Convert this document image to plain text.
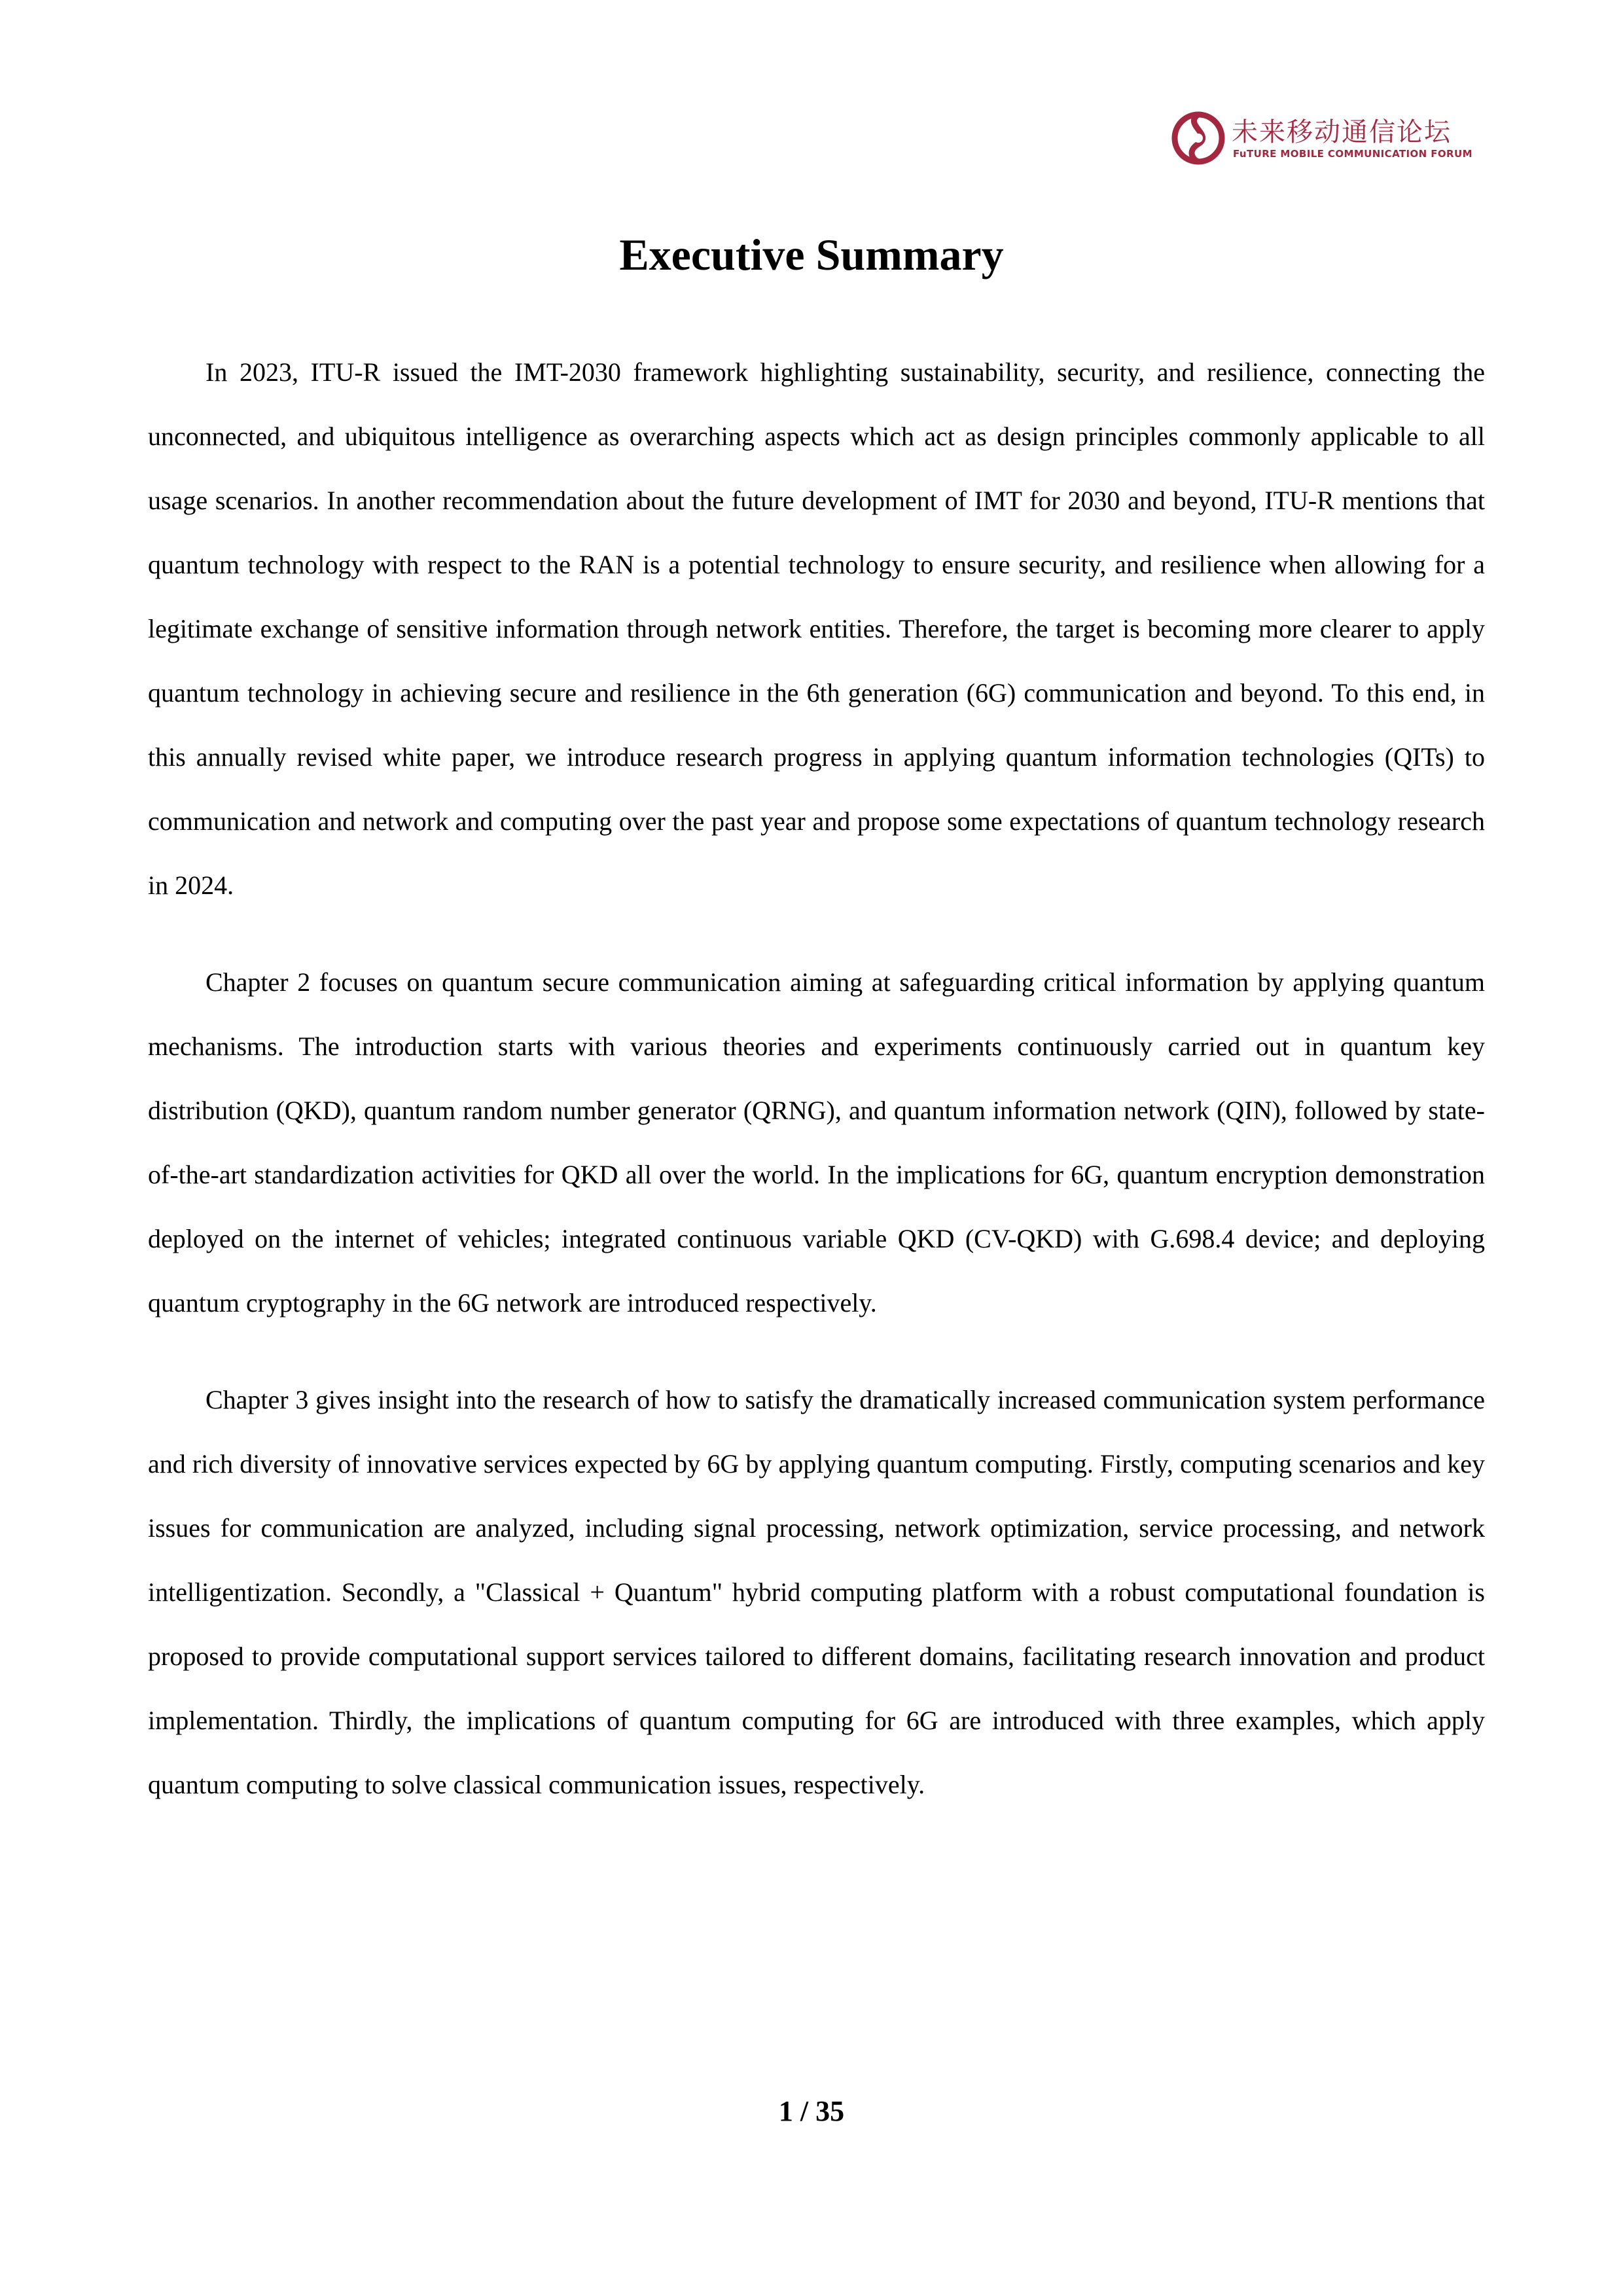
未来移动通信论坛
FuTURE MOBILE COMMUNICATION FORUM
Executive Summary

In 2023, ITU-R issued the IMT-2030 framework highlighting sustainability, security, and resilience, connecting the unconnected, and ubiquitous intelligence as overarching aspects which act as design principles commonly applicable to all usage scenarios. In another recommendation about the future development of IMT for 2030 and beyond, ITU-R mentions that quantum technology with respect to the RAN is a potential technology to ensure security, and resilience when allowing for a legitimate exchange of sensitive information through network entities. Therefore, the target is becoming more clearer to apply quantum technology in achieving secure and resilience in the 6th generation (6G) communication and beyond. To this end, in this annually revised white paper, we introduce research progress in applying quantum information technologies (QITs) to communication and network and computing over the past year and propose some expectations of quantum technology research in 2024.

Chapter 2 focuses on quantum secure communication aiming at safeguarding critical information by applying quantum mechanisms. The introduction starts with various theories and experiments continuously carried out in quantum key distribution (QKD), quantum random number generator (QRNG), and quantum information network (QIN), followed by state-of-the-art standardization activities for QKD all over the world. In the implications for 6G, quantum encryption demonstration deployed on the internet of vehicles; integrated continuous variable QKD (CV-QKD) with G.698.4 device; and deploying quantum cryptography in the 6G network are introduced respectively.

Chapter 3 gives insight into the research of how to satisfy the dramatically increased communication system performance and rich diversity of innovative services expected by 6G by applying quantum computing. Firstly, computing scenarios and key issues for communication are analyzed, including signal processing, network optimization, service processing, and network intelligentization. Secondly, a "Classical + Quantum" hybrid computing platform with a robust computational foundation is proposed to provide computational support services tailored to different domains, facilitating research innovation and product implementation. Thirdly, the implications of quantum computing for 6G are introduced with three examples, which apply quantum computing to solve classical communication issues, respectively.

1 / 35
